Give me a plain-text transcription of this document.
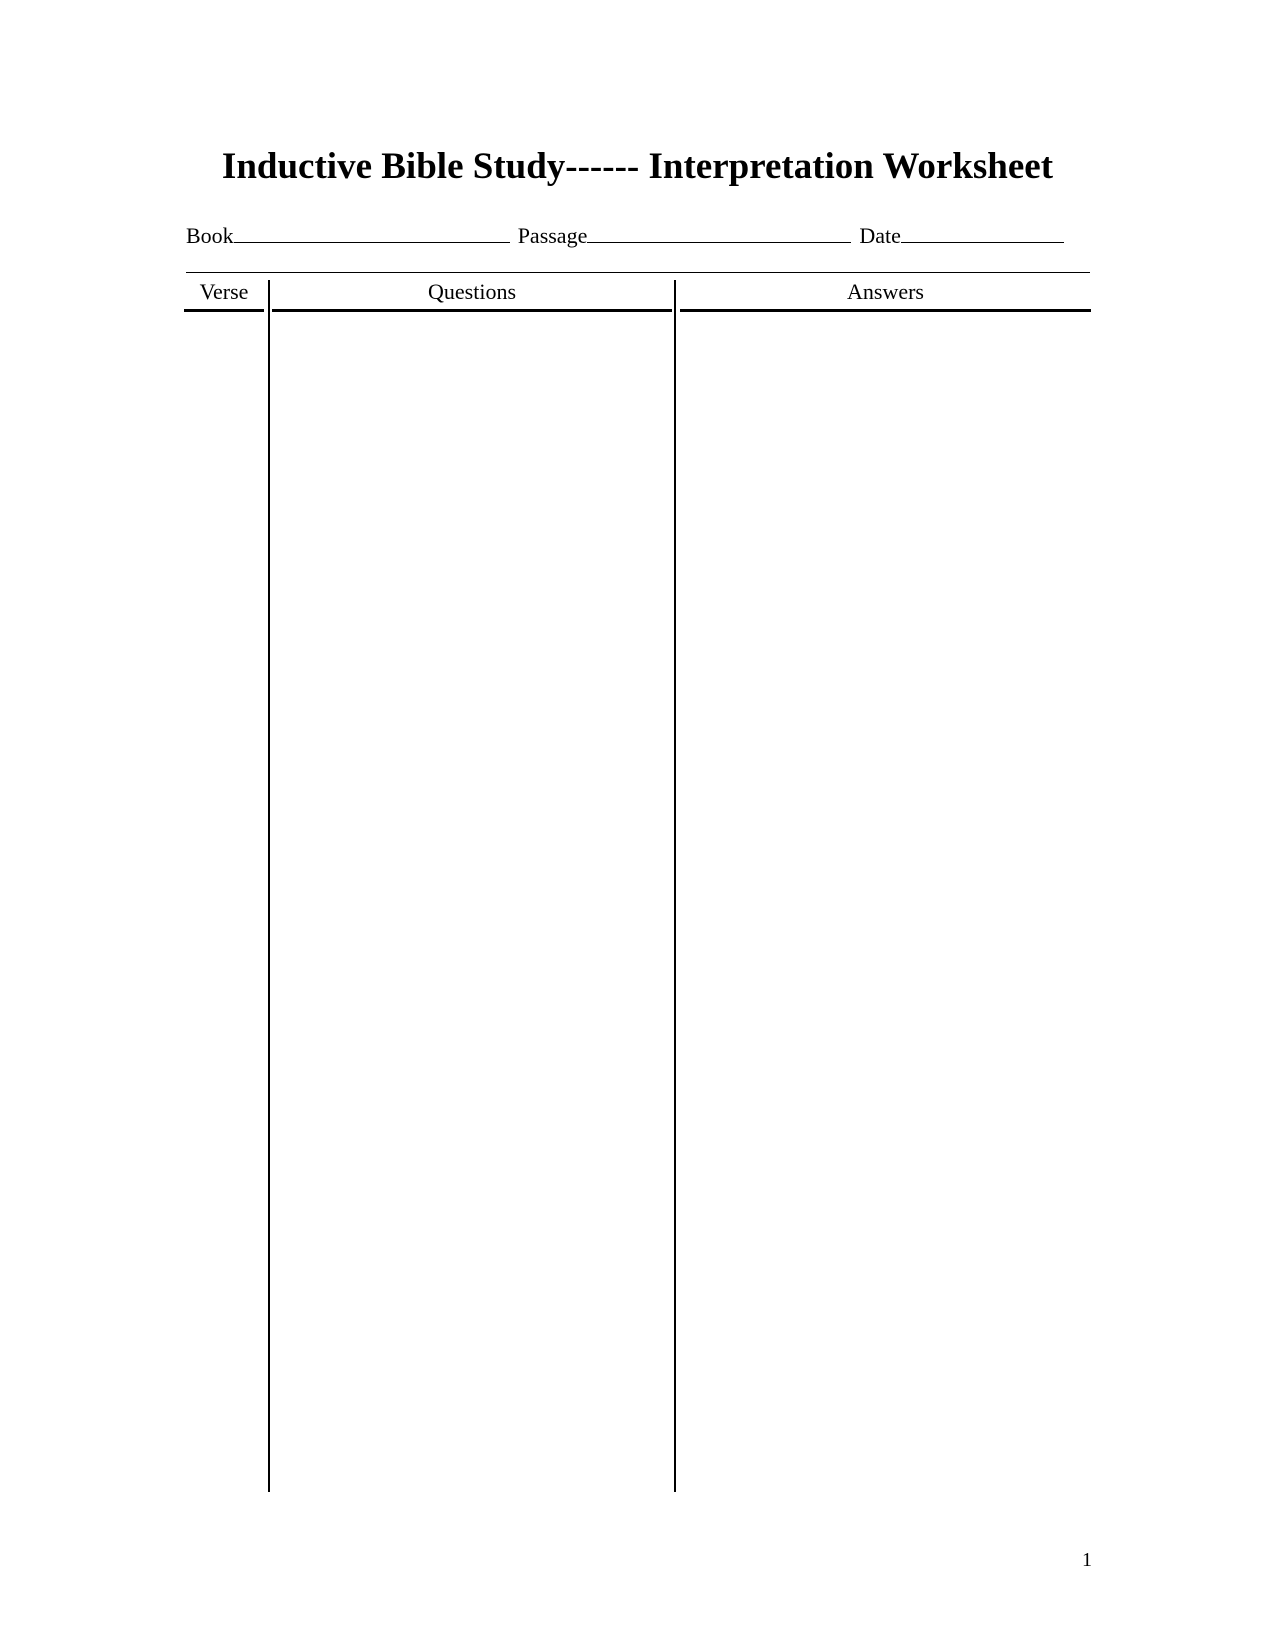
Inductive Bible Study------ Interpretation Worksheet
Book	Passage	Date
Verse	Questions	Answers
1
